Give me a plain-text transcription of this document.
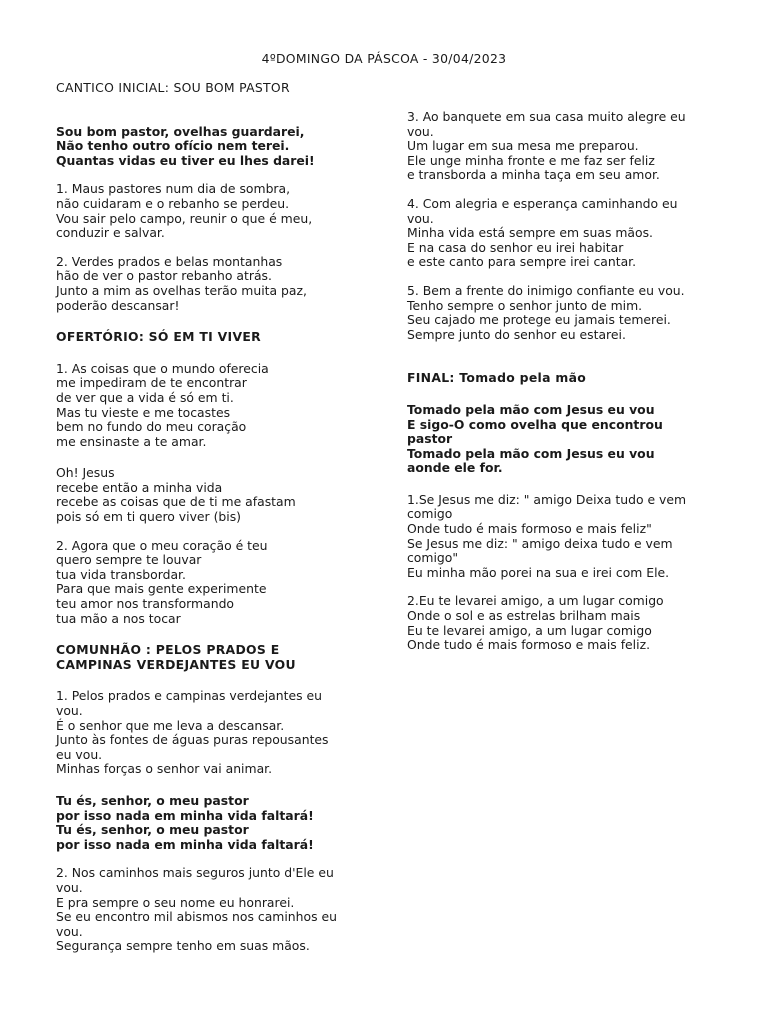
4ºDOMINGO DA PÁSCOA - 30/04/2023
CANTICO INICIAL: SOU BOM PASTOR
Sou bom pastor, ovelhas guardarei,
Não tenho outro ofício nem terei.
Quantas vidas eu tiver eu lhes darei!
1. Maus pastores num dia de sombra,
não cuidaram e o rebanho se perdeu.
Vou sair pelo campo, reunir o que é meu,
conduzir e salvar.
2. Verdes prados e belas montanhas
hão de ver o pastor rebanho atrás.
Junto a mim as ovelhas terão muita paz,
poderão descansar!
OFERTÓRIO: SÓ EM TI VIVER
1. As coisas que o mundo oferecia
me impediram de te encontrar
de ver que a vida é só em ti.
Mas tu vieste e me tocastes
bem no fundo do meu coração
me ensinaste a te amar.
Oh! Jesus
recebe então a minha vida
recebe as coisas que de ti me afastam
pois só em ti quero viver (bis)
2. Agora que o meu coração é teu
quero sempre te louvar
tua vida transbordar.
Para que mais gente experimente
teu amor nos transformando
tua mão a nos tocar
COMUNHÃO : PELOS PRADOS E
CAMPINAS VERDEJANTES EU VOU
1. Pelos prados e campinas verdejantes eu
vou.
É o senhor que me leva a descansar.
Junto às fontes de águas puras repousantes
eu vou.
Minhas forças o senhor vai animar.
Tu és, senhor, o meu pastor
por isso nada em minha vida faltará!
Tu és, senhor, o meu pastor
por isso nada em minha vida faltará!
2. Nos caminhos mais seguros junto d'Ele eu
vou.
E pra sempre o seu nome eu honrarei.
Se eu encontro mil abismos nos caminhos eu
vou.
Segurança sempre tenho em suas mãos.
3. Ao banquete em sua casa muito alegre eu
vou.
Um lugar em sua mesa me preparou.
Ele unge minha fronte e me faz ser feliz
e transborda a minha taça em seu amor.
4. Com alegria e esperança caminhando eu
vou.
Minha vida está sempre em suas mãos.
E na casa do senhor eu irei habitar
e este canto para sempre irei cantar.
5. Bem a frente do inimigo confiante eu vou.
Tenho sempre o senhor junto de mim.
Seu cajado me protege eu jamais temerei.
Sempre junto do senhor eu estarei.
FINAL: Tomado pela mão
Tomado pela mão com Jesus eu vou
E sigo-O como ovelha que encontrou
pastor
Tomado pela mão com Jesus eu vou
aonde ele for.
1.Se Jesus me diz: " amigo Deixa tudo e vem
comigo
Onde tudo é mais formoso e mais feliz"
Se Jesus me diz: " amigo deixa tudo e vem
comigo"
Eu minha mão porei na sua e irei com Ele.
2.Eu te levarei amigo, a um lugar comigo
Onde o sol e as estrelas brilham mais
Eu te levarei amigo, a um lugar comigo
Onde tudo é mais formoso e mais feliz.
